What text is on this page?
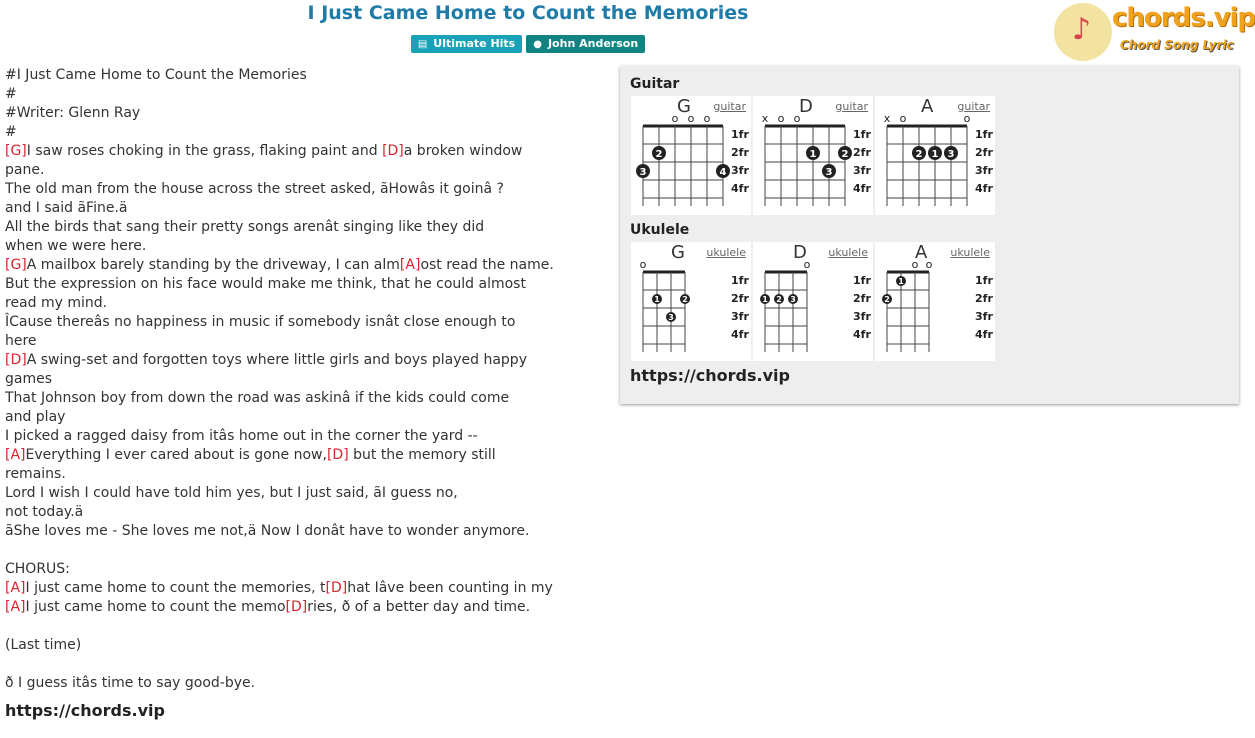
I Just Came Home to Count the Memories
▤ Ultimate Hits ● John Anderson	♪ chords.vip
Chord Song Lyric
#I Just Came Home to Count the Memories
#
#Writer: Glenn Ray
#
[G]I saw roses choking in the grass, flaking paint and [D]a broken window
pane.
The old man from the house across the street asked, ãHowâs it goinâ ?
and I said ãFine.ä
All the birds that sang their pretty songs arenât singing like they did
when we were here.
[G]A mailbox barely standing by the driveway, I can alm[A]ost read the name.
But the expression on his face would make me think, that he could almost
read my mind.
ÎCause thereâs no happiness in music if somebody isnât close enough to
here
[D]A swing-set and forgotten toys where little girls and boys played happy
games
That Johnson boy from down the road was askinâ if the kids could come
and play
I picked a ragged daisy from itâs home out in the corner the yard --
[A]Everything I ever cared about is gone now,[D] but the memory still
remains.
Lord I wish I could have told him yes, but I just said, ãI guess no,
not today.ä
ãShe loves me - She loves me not,ä Now I donât have to wonder anymore.
CHORUS:
[A]I just came home to count the memories, t[D]hat Iâve been counting in my
[A]I just came home to count the memo[D]ries, ð of a better day and time.
(Last time)
ð I guess itâs time to say good-bye.
https://chords.vip
Guitar
Ukulele
https://chords.vip
o o o
2
3	4
G guitar
1fr
2fr
3fr
4fr
x o o
1	2
3
D guitar
1fr
2fr
3fr
4fr
x o	o
2 1 3
A guitar
1fr
2fr
3fr
4fr
o
1	2
3
G ukulele
1fr
2fr
3fr
4fr
o
1 2 3
D ukulele
1fr
2fr
3fr
4fr
o o
1
2
A ukulele
1fr
2fr
3fr
4fr
